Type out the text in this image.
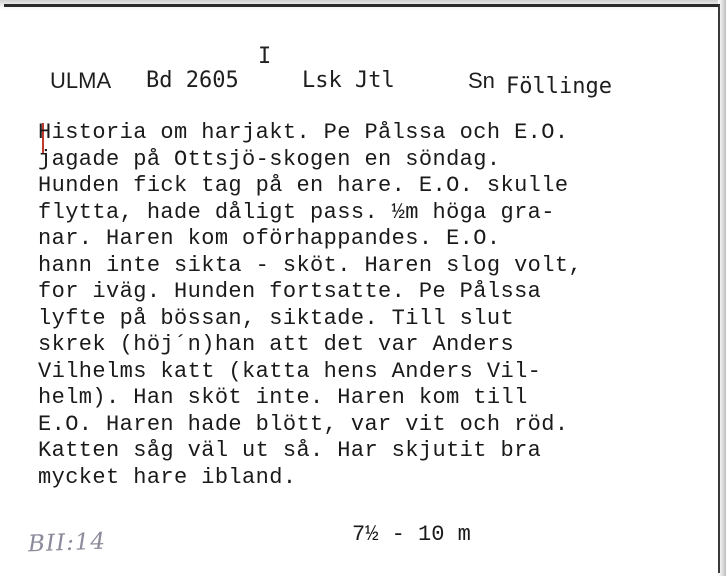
I
ULMA Bd 2605	Lsk Jtl	Sn Föllinge
Historia om harjakt. Pe Pålssa och E.O.
jagade på Ottsjö-skogen en söndag.
Hunden fick tag på en hare. E.O. skulle
flytta, hade dåligt pass. ½m höga gra-
nar. Haren kom oförhappandes. E.O.
hann inte sikta - sköt. Haren slog volt,
for iväg. Hunden fortsatte. Pe Pålssa
lyfte på bössan, siktade. Till slut
skrek (höj´n)han att det var Anders
Vilhelms katt (katta hens Anders Vil-
helm). Han sköt inte. Haren kom till
E.O. Haren hade blött, var vit och röd.
Katten såg väl ut så. Har skjutit bra
mycket hare ibland.
7½ - 10 m
BII:14
